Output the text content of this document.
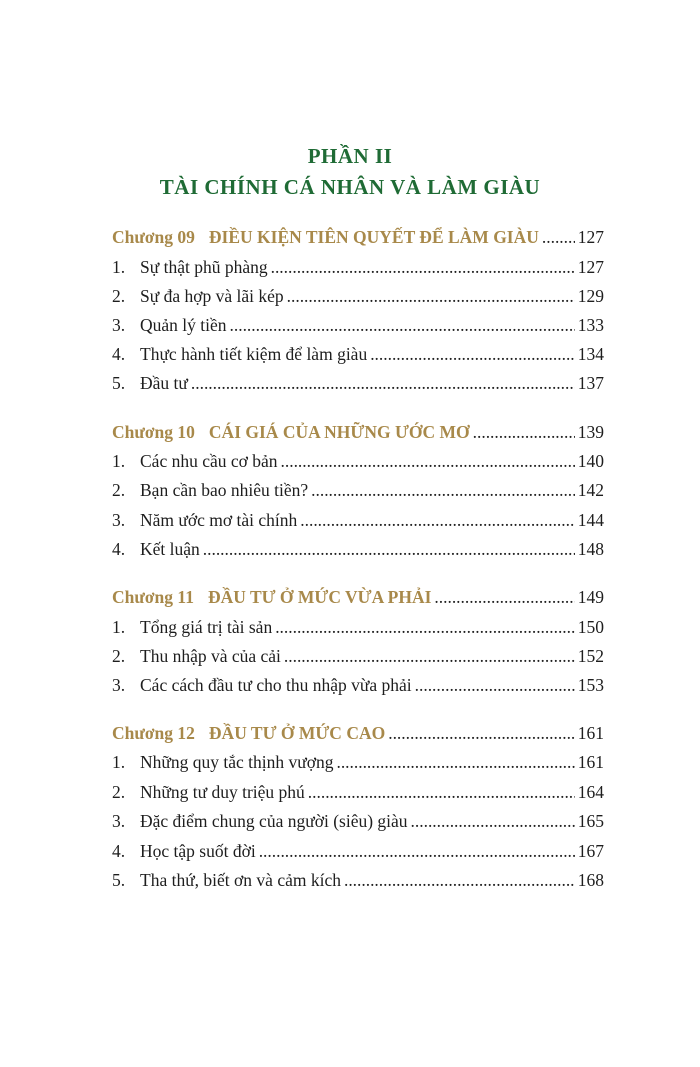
PHẦN II
TÀI CHÍNH CÁ NHÂN VÀ LÀM GIÀU
Chương 09 ĐIỀU KIỆN TIÊN QUYẾT ĐỂ LÀM GIÀU . . . 127
1. Sự thật phũ phàng . . .	127
2. Sự đa hợp và lãi kép . . .	129
3. Quản lý tiền . . .	133
4. Thực hành tiết kiệm để làm giàu . . .	134
5. Đầu tư . . .	137
Chương 10 CÁI GIÁ CỦA NHỮNG ƯỚC MƠ . . .	139
1. Các nhu cầu cơ bản . . .	140
2. Bạn cần bao nhiêu tiền? . . .	142
3. Năm ước mơ tài chính . . .	144
4. Kết luận . . .	148
Chương 11 ĐẦU TƯ Ở MỨC VỪA PHẢI . . .	149
1. Tổng giá trị tài sản . . .	150
2. Thu nhập và của cải . . .	152
3. Các cách đầu tư cho thu nhập vừa phải . . .	153
Chương 12 ĐẦU TƯ Ở MỨC CAO . . .	161
1. Những quy tắc thịnh vượng . . .	161
2. Những tư duy triệu phú . . .	164
3. Đặc điểm chung của người (siêu) giàu . . .	165
4. Học tập suốt đời . . .	167
5. Tha thứ, biết ơn và cảm kích . . .	168
